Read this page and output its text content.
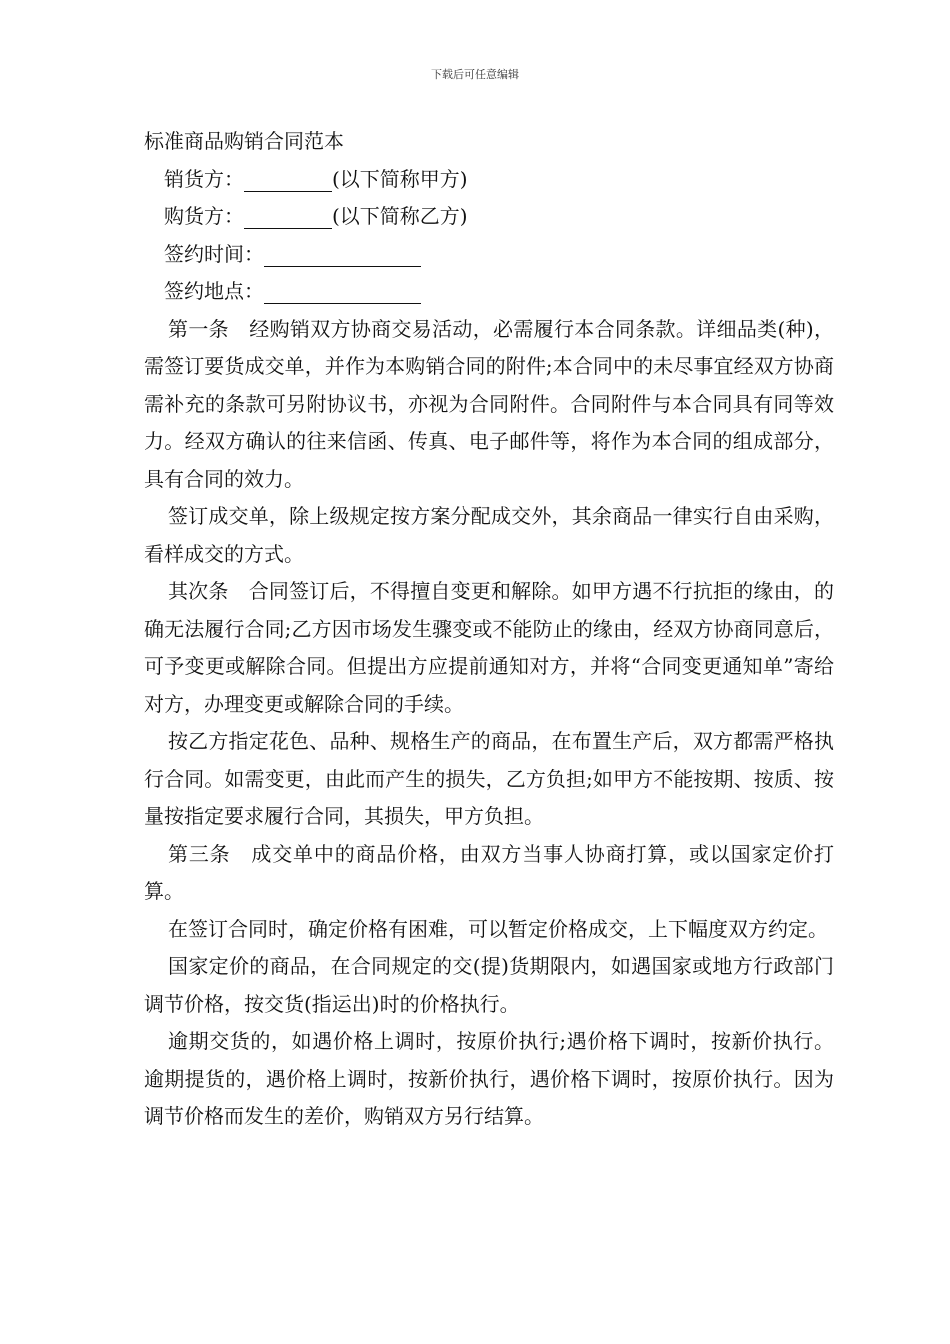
下载后可任意编辑
标准商品购销合同范本

销货方：	(以下简称甲方)

购货方：	(以下简称乙方)

签约时间：

签约地点：

第一条　经购销双方协商交易活动，必需履行本合同条款。详细品类(种)，需签订要货成交单，并作为本购销合同的附件;本合同中的未尽事宜经双方协商需补充的条款可另附协议书，亦视为合同附件。合同附件与本合同具有同等效力。经双方确认的往来信函、传真、电子邮件等，将作为本合同的组成部分，具有合同的效力。

签订成交单，除上级规定按方案分配成交外，其余商品一律实行自由采购，看样成交的方式。

其次条　合同签订后，不得擅自变更和解除。如甲方遇不行抗拒的缘由，的确无法履行合同;乙方因市场发生骤变或不能防止的缘由，经双方协商同意后，可予变更或解除合同。但提出方应提前通知对方，并将“合同变更通知单”寄给对方，办理变更或解除合同的手续。

按乙方指定花色、品种、规格生产的商品，在布置生产后，双方都需严格执行合同。如需变更，由此而产生的损失，乙方负担;如甲方不能按期、按质、按量按指定要求履行合同，其损失，甲方负担。

第三条　成交单中的商品价格，由双方当事人协商打算，或以国家定价打算。

在签订合同时，确定价格有困难，可以暂定价格成交，上下幅度双方约定。

国家定价的商品，在合同规定的交(提)货期限内，如遇国家或地方行政部门调节价格，按交货(指运出)时的价格执行。

逾期交货的，如遇价格上调时，按原价执行;遇价格下调时，按新价执行。逾期提货的，遇价格上调时，按新价执行，遇价格下调时，按原价执行。因为调节价格而发生的差价，购销双方另行结算。
